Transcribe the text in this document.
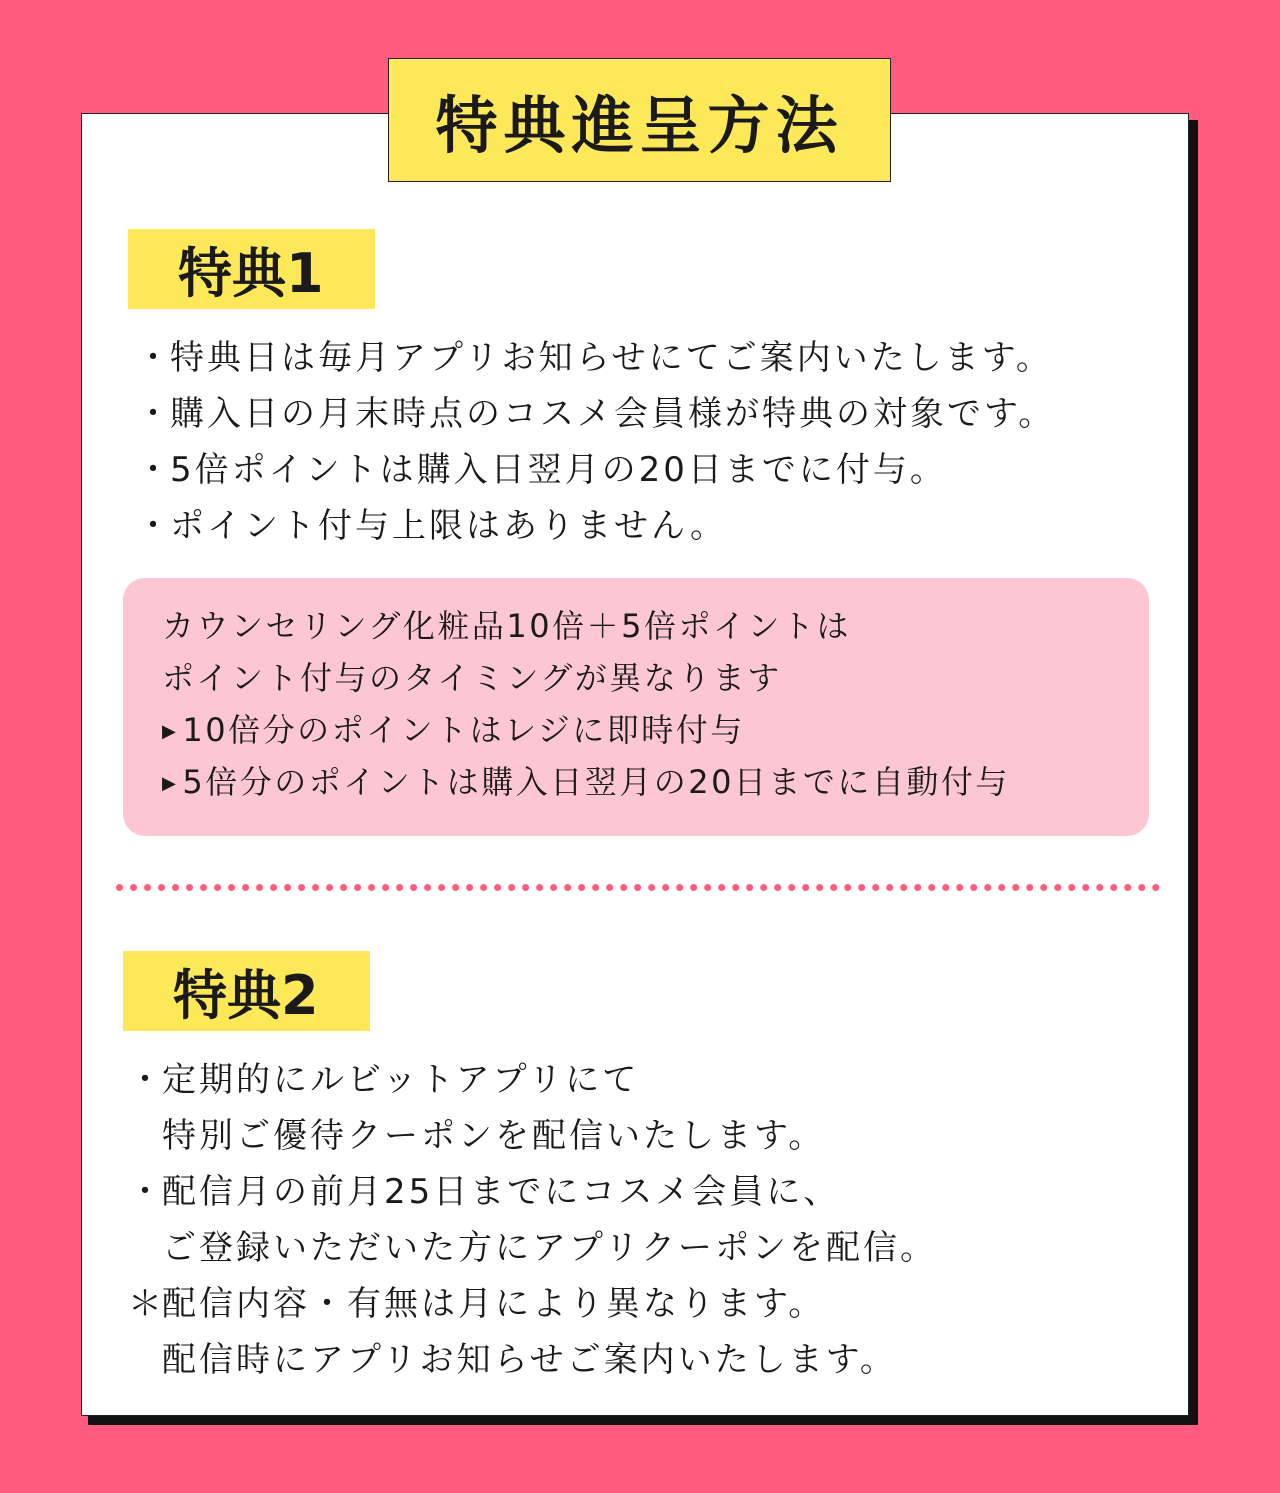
特典進呈方法
特典1
・特典日は毎月アプリお知らせにてご案内いたします。
・購入日の月末時点のコスメ会員様が特典の対象です。
・5倍ポイントは購入日翌月の20日までに付与。
・ポイント付与上限はありません。
カウンセリング化粧品10倍＋5倍ポイントは
ポイント付与のタイミングが異なります
▶ 10倍分のポイントはレジに即時付与
▶ 5倍分のポイントは購入日翌月の20日までに自動付与
特典2
・定期的にルビットアプリにて
特別ご優待クーポンを配信いたします。
・配信月の前月25日までにコスメ会員に、
ご登録いただいた方にアプリクーポンを配信。
＊配信内容・有無は月により異なります。
配信時にアプリお知らせご案内いたします。
